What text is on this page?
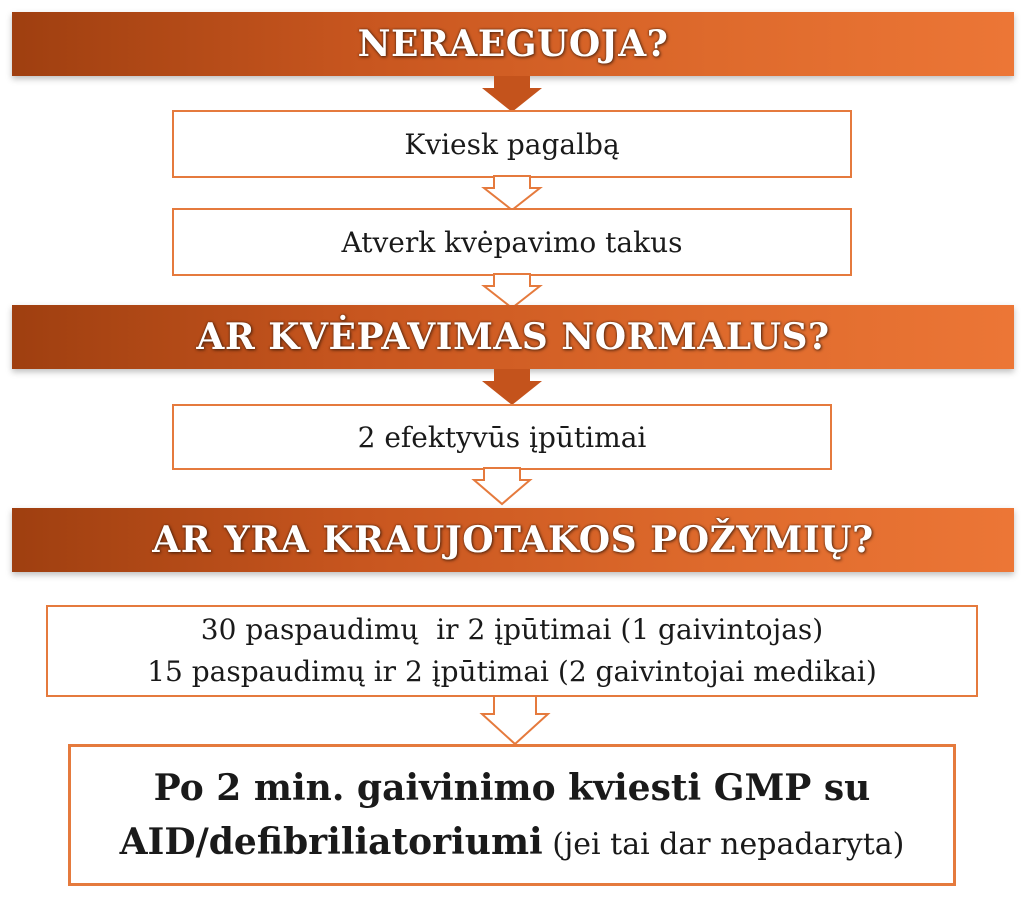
NERAEGUOJA?
Kviesk pagalbą
Atverk kvėpavimo takus
AR KVĖPAVIMAS NORMALUS?
2 efektyvūs įpūtimai
AR YRA KRAUJOTAKOS POŽYMIŲ?
30 paspaudimų  ir 2 įpūtimai (1 gaivintojas)
15 paspaudimų ir 2 įpūtimai (2 gaivintojai medikai)
Po 2 min. gaivinimo kviesti GMP su
AID/defibriliatoriumi (jei tai dar nepadaryta)
